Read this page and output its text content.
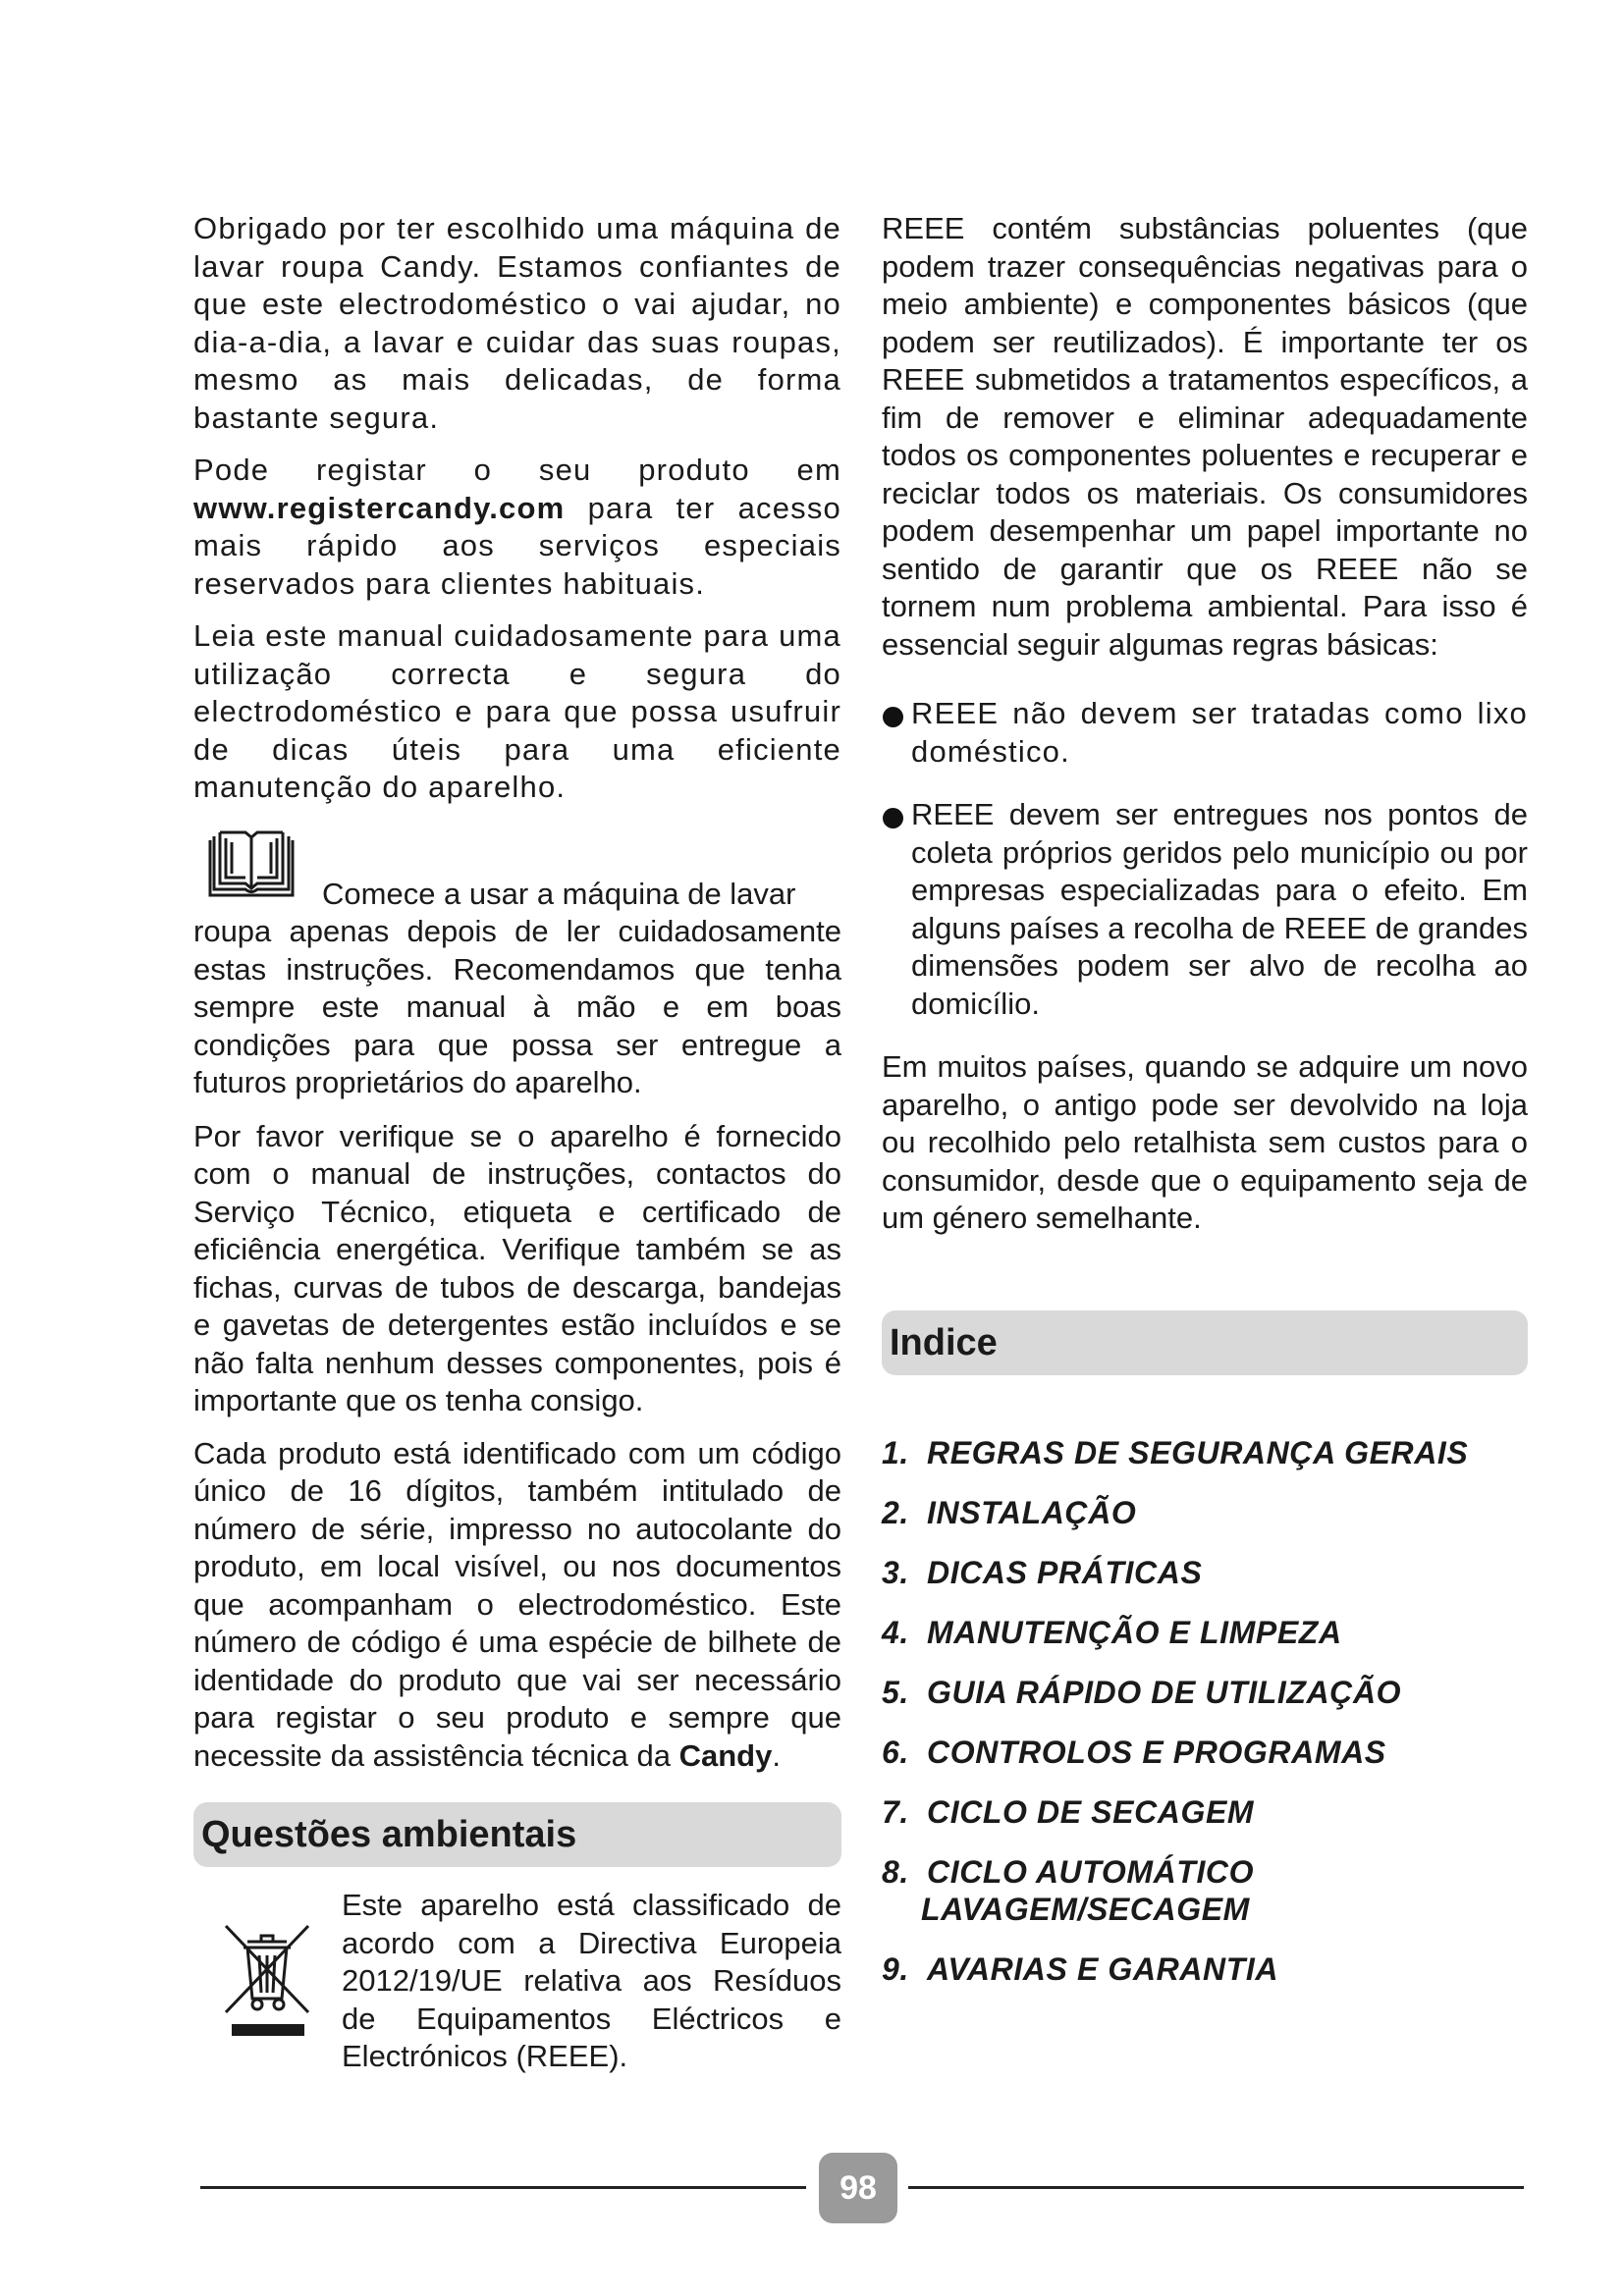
Obrigado por ter escolhido uma máquina de lavar roupa Candy. Estamos confiantes de que este electrodoméstico o vai ajudar, no dia-a-dia, a lavar e cuidar das suas roupas, mesmo as mais delicadas, de forma bastante segura.

Pode registar o seu produto em www.registercandy.com para ter acesso mais rápido aos serviços especiais reservados para clientes habituais.

Leia este manual cuidadosamente para uma utilização correcta e segura do electrodoméstico e para que possa usufruir de dicas úteis para uma eficiente manutenção do aparelho.

Comece a usar a máquina de lavar

roupa apenas depois de ler cuidadosamente estas instruções. Recomendamos que tenha sempre este manual à mão e em boas condições para que possa ser entregue a futuros proprietários do aparelho.

Por favor verifique se o aparelho é fornecido com o manual de instruções, contactos do Serviço Técnico, etiqueta e certificado de eficiência energética. Verifique também se as fichas, curvas de tubos de descarga, bandejas e gavetas de detergentes estão incluídos e se não falta nenhum desses componentes, pois é importante que os tenha consigo.

Cada produto está identificado com um código único de 16 dígitos, também intitulado de número de série, impresso no autocolante do produto, em local visível, ou nos documentos que acompanham o electrodoméstico. Este número de código é uma espécie de bilhete de identidade do produto que vai ser necessário para registar o seu produto e sempre que necessite da assistência técnica da Candy.

Questões ambientais

Este aparelho está classificado de acordo com a Directiva Europeia 2012/19/UE relativa aos Resíduos de Equipamentos Eléctricos e Electrónicos (REEE).

REEE contém substâncias poluentes (que podem trazer consequências negativas para o meio ambiente) e componentes básicos (que podem ser reutilizados). É importante ter os REEE submetidos a tratamentos específicos, a fim de remover e eliminar adequadamente todos os componentes poluentes e recuperar e reciclar todos os materiais. Os consumidores podem desempenhar um papel importante no sentido de garantir que os REEE não se tornem num problema ambiental. Para isso é essencial seguir algumas regras básicas:

REEE não devem ser tratadas como lixo doméstico.

REEE devem ser entregues nos pontos de coleta próprios geridos pelo município ou por empresas especializadas para o efeito. Em alguns países a recolha de REEE de grandes dimensões podem ser alvo de recolha ao domicílio.

Em muitos países, quando se adquire um novo aparelho, o antigo pode ser devolvido na loja ou recolhido pelo retalhista sem custos para o consumidor, desde que o equipamento seja de um género semelhante.

Indice
1. REGRAS DE SEGURANÇA GERAIS
2. INSTALAÇÃO
3. DICAS PRÁTICAS
4. MANUTENÇÃO E LIMPEZA
5. GUIA RÁPIDO DE UTILIZAÇÃO
6. CONTROLOS E PROGRAMAS
7. CICLO DE SECAGEM
8. CICLO AUTOMÁTICO
LAVAGEM/SECAGEM
9. AVARIAS E GARANTIA
98
